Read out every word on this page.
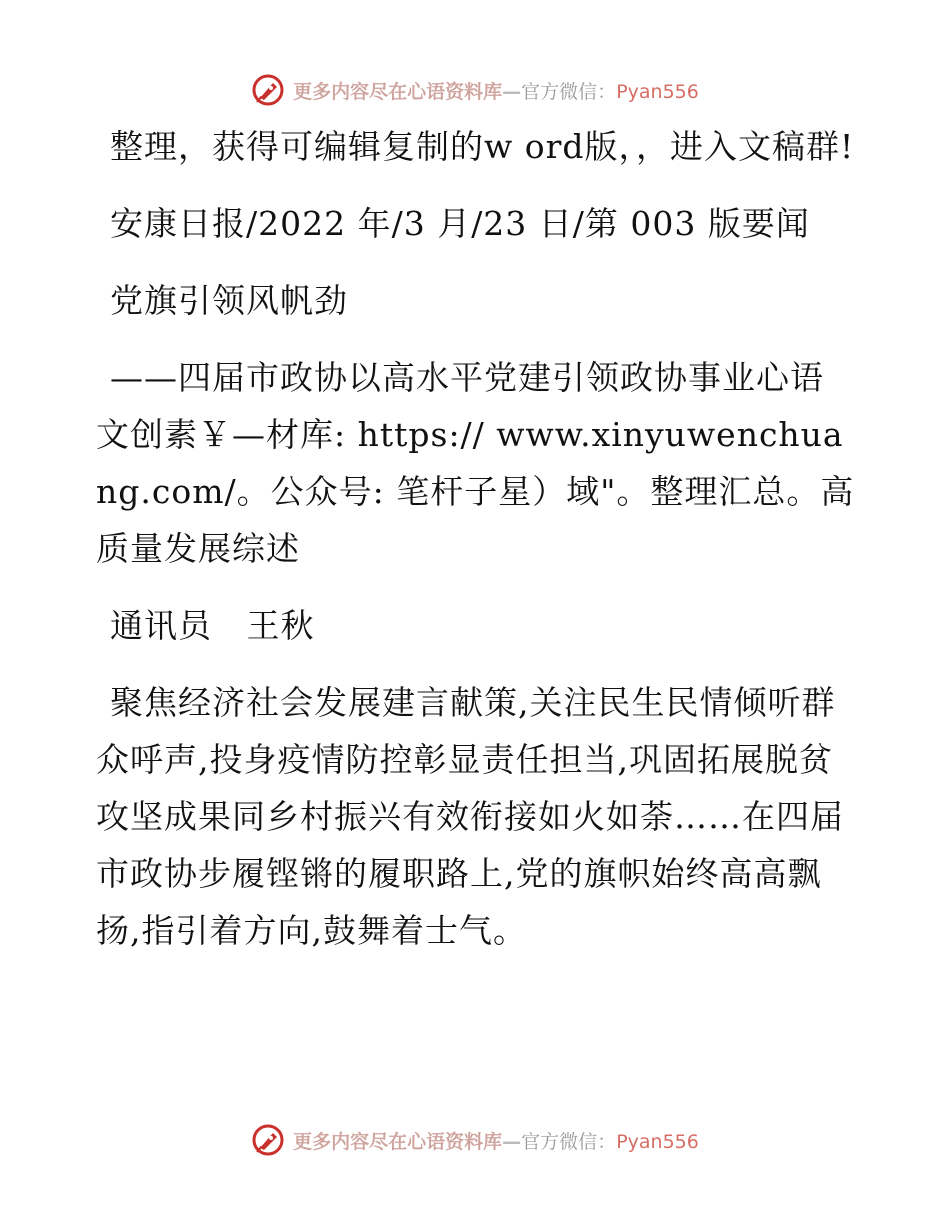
更多内容尽在心语资料库—官方微信：Pyan556

整理，获得可编辑复制的w ord版，，进入文稿群!

安康日报/2022 年/3 月/23 日/第 003 版要闻

党旗引领风帆劲

——四届市政协以高水平党建引领政协事业心语文创素￥—材库: https:// www.xinyuwenchuang.com/。公众号: 笔杆子星）域"。整理汇总。高质量发展综述

通讯员 王秋

聚焦经济社会发展建言献策,关注民生民情倾听群众呼声,投身疫情防控彰显责任担当,巩固拓展脱贫攻坚成果同乡村振兴有效衔接如火如荼……在四届市政协步履铿锵的履职路上,党的旗帜始终高高飘扬,指引着方向,鼓舞着士气。

更多内容尽在心语资料库—官方微信：Pyan556
